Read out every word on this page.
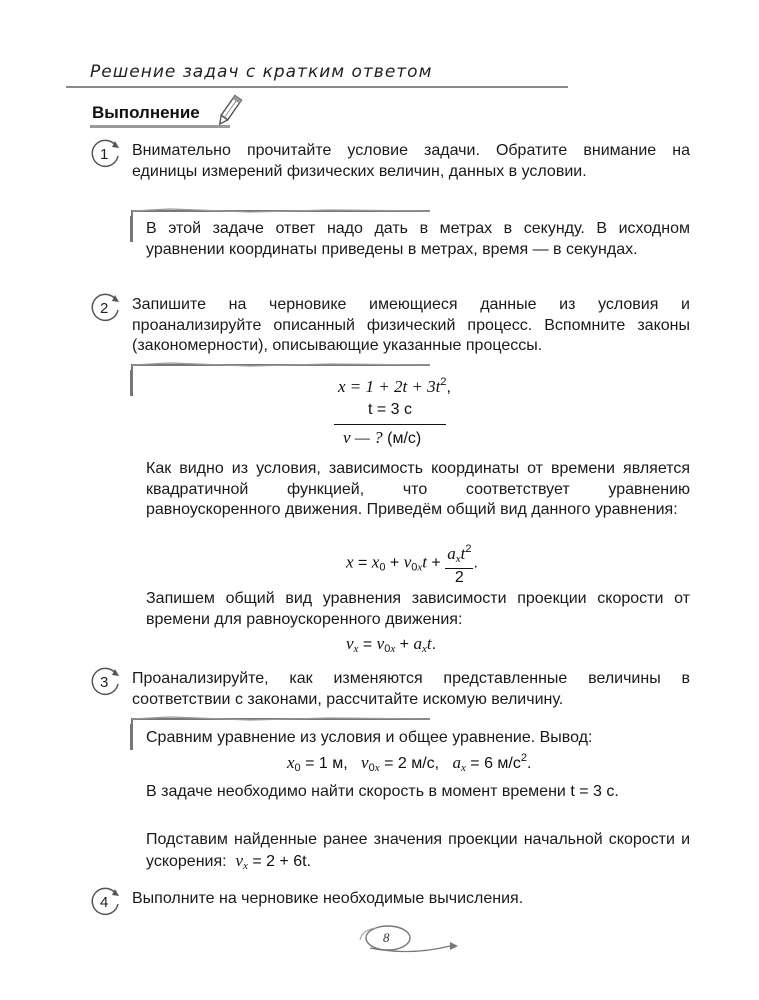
Решение задач с кратким ответом
Выполнение
1 Внимательно прочитайте условие задачи. Обратите внимание на единицы измерений физических величин, данных в условии.

В этой задаче ответ надо дать в метрах в секунду. В исходном уравнении координаты приведены в метрах, время — в секундах.

2 Запишите на черновике имеющиеся данные из условия и проанализируйте описанный физический процесс. Вспомните законы (закономерности), описывающие указанные процессы.

$x = 1 + 2t + 3t^2$,
t = 3 с
v — ? (м/с)

Как видно из условия, зависимость координаты от времени является квадратичной функцией, что соответствует уравнению равноускоренного движения. Приведём общий вид данного уравнения:

$x = x_0 + v_{0x}t + \frac{a_xt^2}{2}$ .

Запишем общий вид уравнения зависимости проекции скорости от времени для равноускоренного движения:

$v_x = v_{0x} + a_xt$.
3 Проанализируйте, как изменяются представленные величины в соответствии с законами, рассчитайте искомую величину.

Сравним уравнение из условия и общее уравнение. Вывод:

$x_0 = 1$ м, $v_{0x} = 2$ м/с, $a_x = 6$ $м/с^2$.

В задаче необходимо найти скорость в момент времени t = 3 с.

Подставим найденные ранее значения проекции начальной скорости и ускорения: $v_x = 2 + 6t$.

4 Выполните на черновике необходимые вычисления.

8
